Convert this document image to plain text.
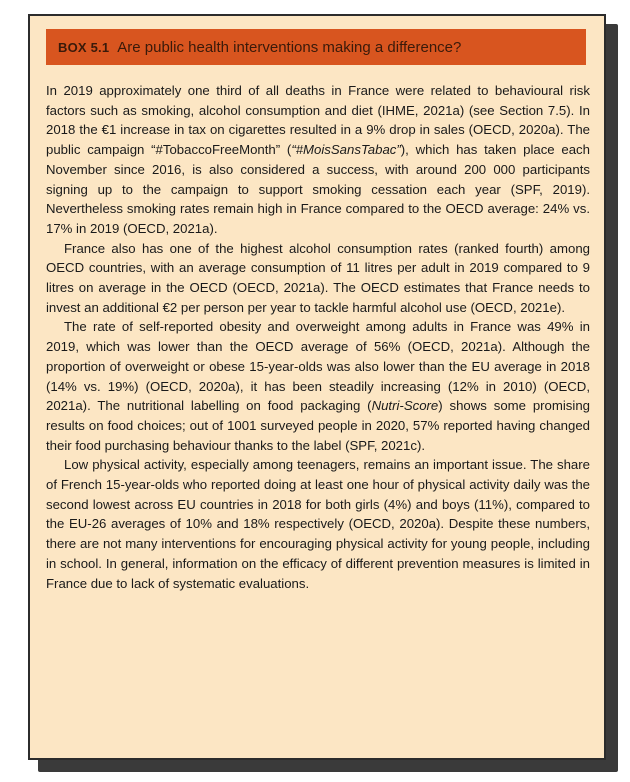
BOX 5.1 Are public health interventions making a difference?

In 2019 approximately one third of all deaths in France were related to behavioural risk factors such as smoking, alcohol consumption and diet (IHME, 2021a) (see Section 7.5). In 2018 the €1 increase in tax on cigarettes resulted in a 9% drop in sales (OECD, 2020a). The public campaign “#TobaccoFreeMonth” (“#MoisSansTabac”), which has taken place each November since 2016, is also considered a success, with around 200 000 participants signing up to the campaign to support smoking cessation each year (SPF, 2019). Nevertheless smoking rates remain high in France compared to the OECD average: 24% vs. 17% in 2019 (OECD, 2021a).

France also has one of the highest alcohol consumption rates (ranked fourth) among OECD countries, with an average consumption of 11 litres per adult in 2019 compared to 9 litres on average in the OECD (OECD, 2021a). The OECD estimates that France needs to invest an additional €2 per person per year to tackle harmful alcohol use (OECD, 2021e).

The rate of self-reported obesity and overweight among adults in France was 49% in 2019, which was lower than the OECD average of 56% (OECD, 2021a). Although the proportion of overweight or obese 15-year-olds was also lower than the EU average in 2018 (14% vs. 19%) (OECD, 2020a), it has been steadily increasing (12% in 2010) (OECD, 2021a). The nutritional labelling on food packaging (Nutri-Score) shows some promising results on food choices; out of 1001 surveyed people in 2020, 57% reported having changed their food purchasing behaviour thanks to the label (SPF, 2021c).

Low physical activity, especially among teenagers, remains an important issue. The share of French 15-year-olds who reported doing at least one hour of physical activity daily was the second lowest across EU countries in 2018 for both girls (4%) and boys (11%), compared to the EU-26 averages of 10% and 18% respectively (OECD, 2020a). Despite these numbers, there are not many interventions for encouraging physical activity for young people, including in school. In general, information on the efficacy of different prevention measures is limited in France due to lack of systematic evaluations.
